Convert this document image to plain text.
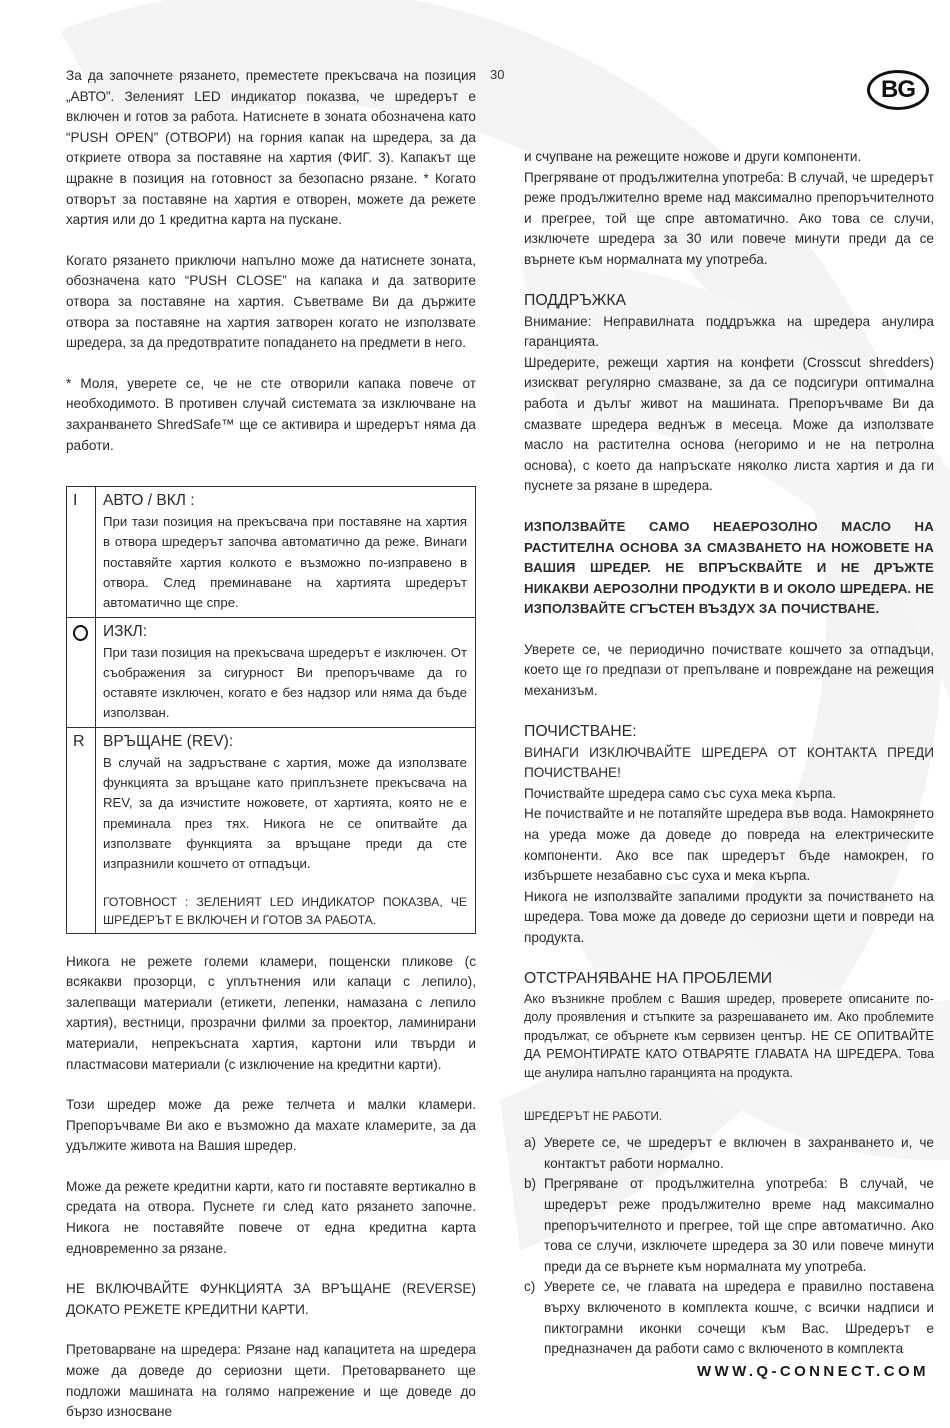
30
BG

За да започнете рязането, преместете прекъсвача на позиция „АВТО”. Зеленият LED индикатор показва, че шредерът е включен и готов за работа. Натиснете в зоната обозначена като “PUSH OPEN” (ОТВОРИ) на горния капак на шредера, за да откриете отвора за поставяне на хартия (ФИГ. 3). Капакът ще щракне в позиция на готовност за безопасно рязане. * Когато отворът за поставяне на хартия е отворен, можете да режете хартия или до 1 кредитна карта на пускане.

Когато рязането приключи напълно може да натиснете зоната, обозначена като “PUSH CLOSE” на капака и да затворите отвора за поставяне на хартия. Съветваме Ви да държите отвора за поставяне на хартия затворен когато не използвате шредера, за да предотвратите попадането на предмети в него.

* Моля, уверете се, че не сте отворили капака повече от необходимото. В противен случай системата за изключване на захранването ShredSafe™ ще се активира и шредерът няма да работи.

I	АВТО / ВКЛ :
При тази позиция на прекъсвача при поставяне на хартия в отвора шредерът започва автоматично да реже. Винаги поставяйте хартия колкото е възможно по-изправено в отвора. След преминаване на хартията шредерът автоматично ще спре.

	ИЗКЛ:
При тази позиция на прекъсвача шредерът е изключен. От съображения за сигурност Ви препоръчваме да го оставяте изключен, когато е без надзор или няма да бъде използван.

R	ВРЪЩАНЕ (REV):
В случай на задръстване с хартия, може да използвате функцията за връщане като приплъзнете прекъсвача на REV, за да изчистите ножовете, от хартията, която не е преминала през тях. Никога не се опитвайте да използвате функцията за връщане преди да сте изпразнили кошчето от отпадъци.
ГОТОВНОСТ : ЗЕЛЕНИЯТ LED ИНДИКАТОР ПОКАЗВА, ЧЕ ШРЕДЕРЪТ Е ВКЛЮЧЕН И ГОТОВ ЗА РАБОТА.

Никога не режете големи кламери, пощенски пликове (с всякакви прозорци, с уплътнения или капаци с лепило), залепващи материали (етикети, лепенки, намазана с лепило хартия), вестници, прозрачни филми за проектор, ламинирани материали, непрекъсната хартия, картони или твърди и пластмасови материали (с изключение на кредитни карти).

Този шредер може да реже телчета и малки кламери. Препоръчваме Ви ако е възможно да махате кламерите, за да удължите живота на Вашия шредер.

Може да режете кредитни карти, като ги поставяте вертикално в средата на отвора. Пуснете ги след като рязането започне. Никога не поставяйте повече от една кредитна карта едновременно за рязане.

НЕ ВКЛЮЧВАЙТЕ ФУНКЦИЯТА ЗА ВРЪЩАНЕ (REVERSE) ДОКАТО РЕЖЕТЕ КРЕДИТНИ КАРТИ.

Претоварване на шредера: Рязане над капацитета на шредера може да доведе до сериозни щети. Претоварването ще подложи машината на голямо напрежение и ще доведе до бързо износване

и счупване на режещите ножове и други компоненти.

Прегряване от продължителна употреба: В случай, че шредерът реже продължително време над максимално препоръчителното и прегрее, той ще спре автоматично. Ако това се случи, изключете шредера за 30 или повече минути преди да се върнете към нормалната му употреба.

ПОДДРЪЖКА

Внимание: Неправилната поддръжка на шредера анулира гаранцията.

Шредерите, режещи хартия на конфети (Crosscut shredders) изискват регулярно смазване, за да се подсигури оптимална работа и дълъг живот на машината. Препоръчваме Ви да смазвате шредера веднъж в месеца. Може да използвате масло на растителна основа (негоримо и не на петролна основа), с което да напръскате няколко листа хартия и да ги пуснете за рязане в шредера.

ИЗПОЛЗВАЙТЕ САМО НЕАЕРОЗОЛНО МАСЛО НА РАСТИТЕЛНА ОСНОВА ЗА СМАЗВАНЕТО НА НОЖОВЕТЕ НА ВАШИЯ ШРЕДЕР. НЕ ВПРЪСКВАЙТЕ И НЕ ДРЪЖТЕ НИКАКВИ АЕРОЗОЛНИ ПРОДУКТИ В И ОКОЛО ШРЕДЕРА. НЕ ИЗПОЛЗВАЙТЕ СГЪСТЕН ВЪЗДУХ ЗА ПОЧИСТВАНЕ.

Уверете се, че периодично почиствате кошчето за отпадъци, което ще го предпази от препълване и повреждане на режещия механизъм.

ПОЧИСТВАНЕ:

ВИНАГИ ИЗКЛЮЧВАЙТЕ ШРЕДЕРА ОТ КОНТАКТА ПРЕДИ ПОЧИСТВАНЕ!

Почиствайте шредера само със суха мека кърпа.

Не почиствайте и не потапяйте шредера във вода. Намокрянето на уреда може да доведе до повреда на електрическите компоненти. Ако все пак шредерът бъде намокрен, го избършете незабавно със суха и мека кърпа.

Никога не използвайте запалими продукти за почистването на шредера. Това може да доведе до сериозни щети и повреди на продукта.

ОТСТРАНЯВАНЕ НА ПРОБЛЕМИ

Ако възникне проблем с Вашия шредер, проверете описаните по-долу проявления и стъпките за разрешаването им. Ако проблемите продължат, се обърнете към сервизен център. НЕ СЕ ОПИТВАЙТЕ ДА РЕМОНТИРАТЕ КАТО ОТВАРЯТЕ ГЛАВАТА НА ШРЕДЕРА. Това ще анулира напълно гаранцията на продукта.

ШРЕДЕРЪТ НЕ РАБОТИ.

a) Уверете се, че шредерът е включен в захранването и, че контактът работи нормално.
b) Прегряване от продължителна употреба: В случай, че шредерът реже продължително време над максимално препоръчителното и прегрее, той ще спре автоматично. Ако това се случи, изключете шредера за 30 или повече минути преди да се върнете към нормалната му употреба.
c) Уверете се, че главата на шредера е правилно поставена върху включеното в комплекта кошче, с всички надписи и пиктограмни иконки сочещи към Вас. Шредерът е предназначен да работи само с включеното в комплекта
WWW.Q-CONNECT.COM
